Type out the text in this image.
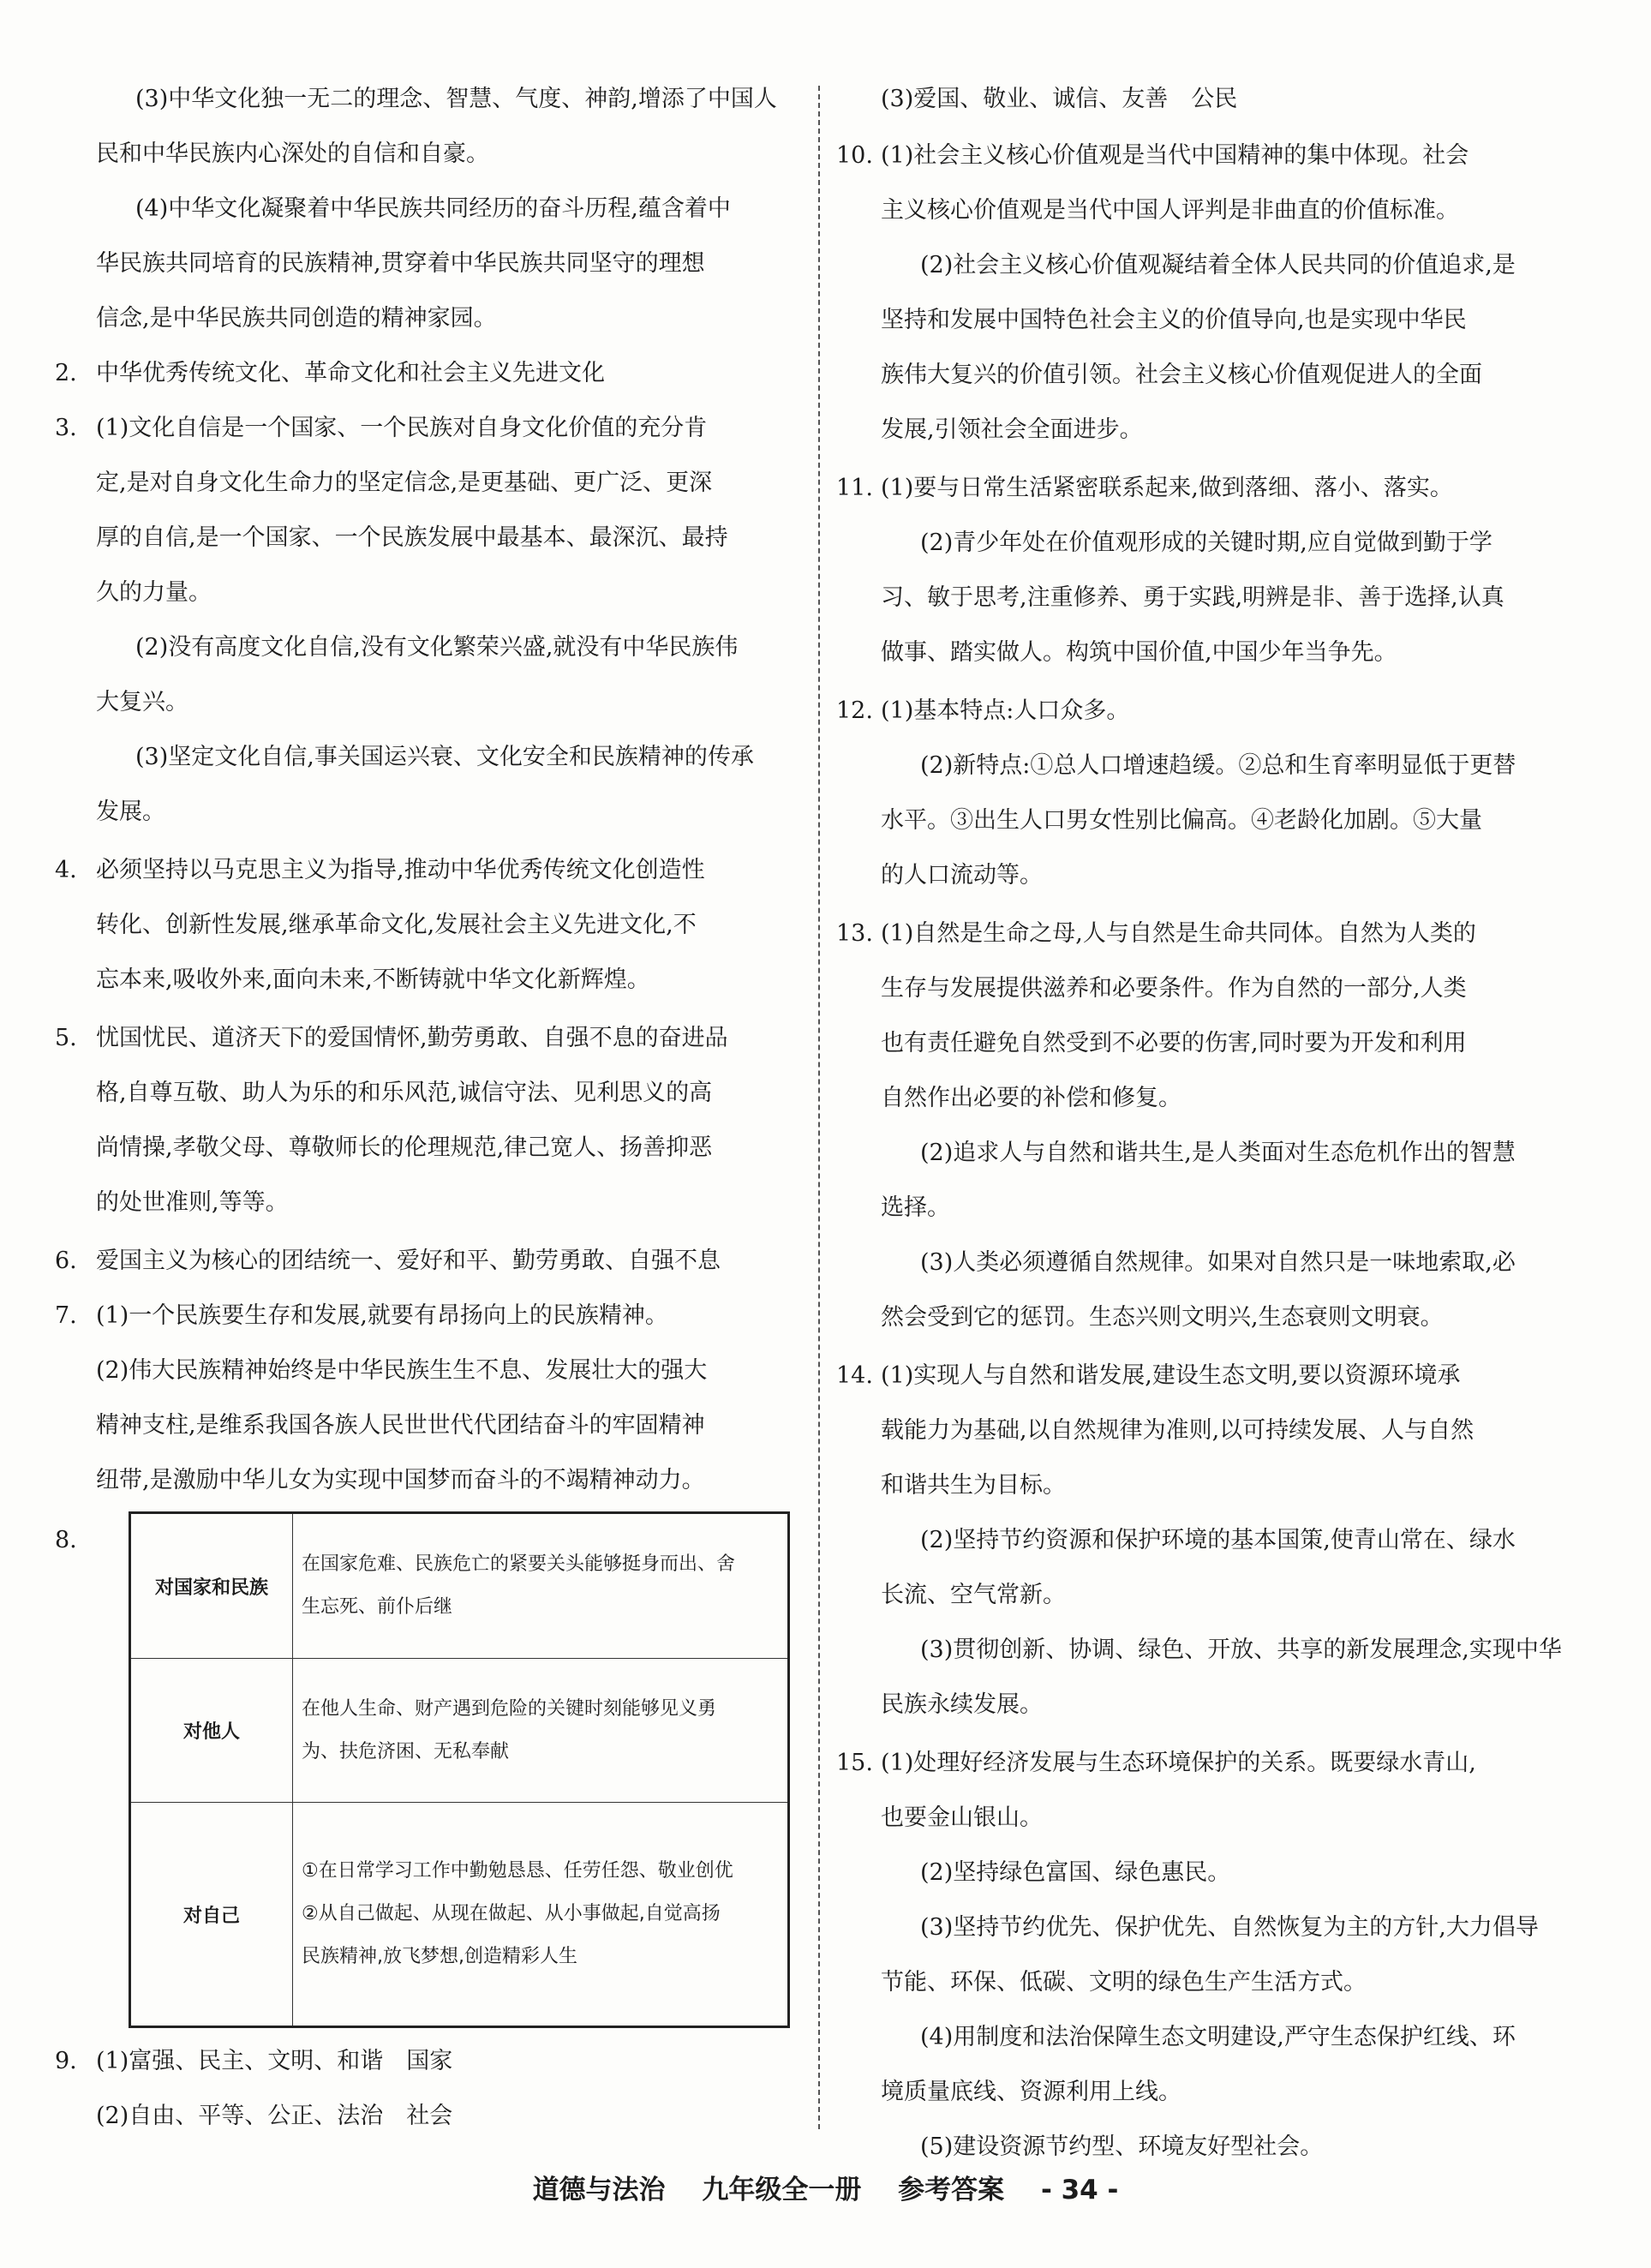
(3)中华文化独一无二的理念、智慧、气度、神韵,增添了中国人
民和中华民族内心深处的自信和自豪。
(4)中华文化凝聚着中华民族共同经历的奋斗历程,蕴含着中
华民族共同培育的民族精神,贯穿着中华民族共同坚守的理想
信念,是中华民族共同创造的精神家园。
2. 中华优秀传统文化、革命文化和社会主义先进文化
3. (1)文化自信是一个国家、一个民族对自身文化价值的充分肯
定,是对自身文化生命力的坚定信念,是更基础、更广泛、更深
厚的自信,是一个国家、一个民族发展中最基本、最深沉、最持
久的力量。
(2)没有高度文化自信,没有文化繁荣兴盛,就没有中华民族伟
大复兴。
(3)坚定文化自信,事关国运兴衰、文化安全和民族精神的传承
发展。
4. 必须坚持以马克思主义为指导,推动中华优秀传统文化创造性
转化、创新性发展,继承革命文化,发展社会主义先进文化,不
忘本来,吸收外来,面向未来,不断铸就中华文化新辉煌。
5. 忧国忧民、道济天下的爱国情怀,勤劳勇敢、自强不息的奋进品
格,自尊互敬、助人为乐的和乐风范,诚信守法、见利思义的高
尚情操,孝敬父母、尊敬师长的伦理规范,律己宽人、扬善抑恶
的处世准则,等等。
6. 爱国主义为核心的团结统一、爱好和平、勤劳勇敢、自强不息
7. (1)一个民族要生存和发展,就要有昂扬向上的民族精神。
(2)伟大民族精神始终是中华民族生生不息、发展壮大的强大
精神支柱,是维系我国各族人民世世代代团结奋斗的牢固精神
纽带,是激励中华儿女为实现中国梦而奋斗的不竭精神动力。
8.
9. (1)富强、民主、文明、和谐　国家
(2)自由、平等、公正、法治　社会
对国家和民族	在国家危难、民族危亡的紧要关头能够挺身而出、舍
生忘死、前仆后继

对他人	在他人生命、财产遇到危险的关键时刻能够见义勇
为、扶危济困、无私奉献

对自己	①在日常学习工作中勤勉恳恳、任劳任怨、敬业创优
②从自己做起、从现在做起、从小事做起,自觉高扬
民族精神,放飞梦想,创造精彩人生
(3)爱国、敬业、诚信、友善　公民
10. (1)社会主义核心价值观是当代中国精神的集中体现。社会
主义核心价值观是当代中国人评判是非曲直的价值标准。
(2)社会主义核心价值观凝结着全体人民共同的价值追求,是
坚持和发展中国特色社会主义的价值导向,也是实现中华民
族伟大复兴的价值引领。社会主义核心价值观促进人的全面
发展,引领社会全面进步。
11. (1)要与日常生活紧密联系起来,做到落细、落小、落实。
(2)青少年处在价值观形成的关键时期,应自觉做到勤于学
习、敏于思考,注重修养、勇于实践,明辨是非、善于选择,认真
做事、踏实做人。构筑中国价值,中国少年当争先。
12. (1)基本特点:人口众多。
(2)新特点:①总人口增速趋缓。②总和生育率明显低于更替
水平。③出生人口男女性别比偏高。④老龄化加剧。⑤大量
的人口流动等。
13. (1)自然是生命之母,人与自然是生命共同体。自然为人类的
生存与发展提供滋养和必要条件。作为自然的一部分,人类
也有责任避免自然受到不必要的伤害,同时要为开发和利用
自然作出必要的补偿和修复。
(2)追求人与自然和谐共生,是人类面对生态危机作出的智慧
选择。
(3)人类必须遵循自然规律。如果对自然只是一味地索取,必
然会受到它的惩罚。生态兴则文明兴,生态衰则文明衰。
14. (1)实现人与自然和谐发展,建设生态文明,要以资源环境承
载能力为基础,以自然规律为准则,以可持续发展、人与自然
和谐共生为目标。
(2)坚持节约资源和保护环境的基本国策,使青山常在、绿水
长流、空气常新。
(3)贯彻创新、协调、绿色、开放、共享的新发展理念,实现中华
民族永续发展。
15. (1)处理好经济发展与生态环境保护的关系。既要绿水青山,
也要金山银山。
(2)坚持绿色富国、绿色惠民。
(3)坚持节约优先、保护优先、自然恢复为主的方针,大力倡导
节能、环保、低碳、文明的绿色生产生活方式。
(4)用制度和法治保障生态文明建设,严守生态保护红线、环
境质量底线、资源利用上线。
(5)建设资源节约型、环境友好型社会。
道德与法治 九年级全一册 参考答案 - 34 -
